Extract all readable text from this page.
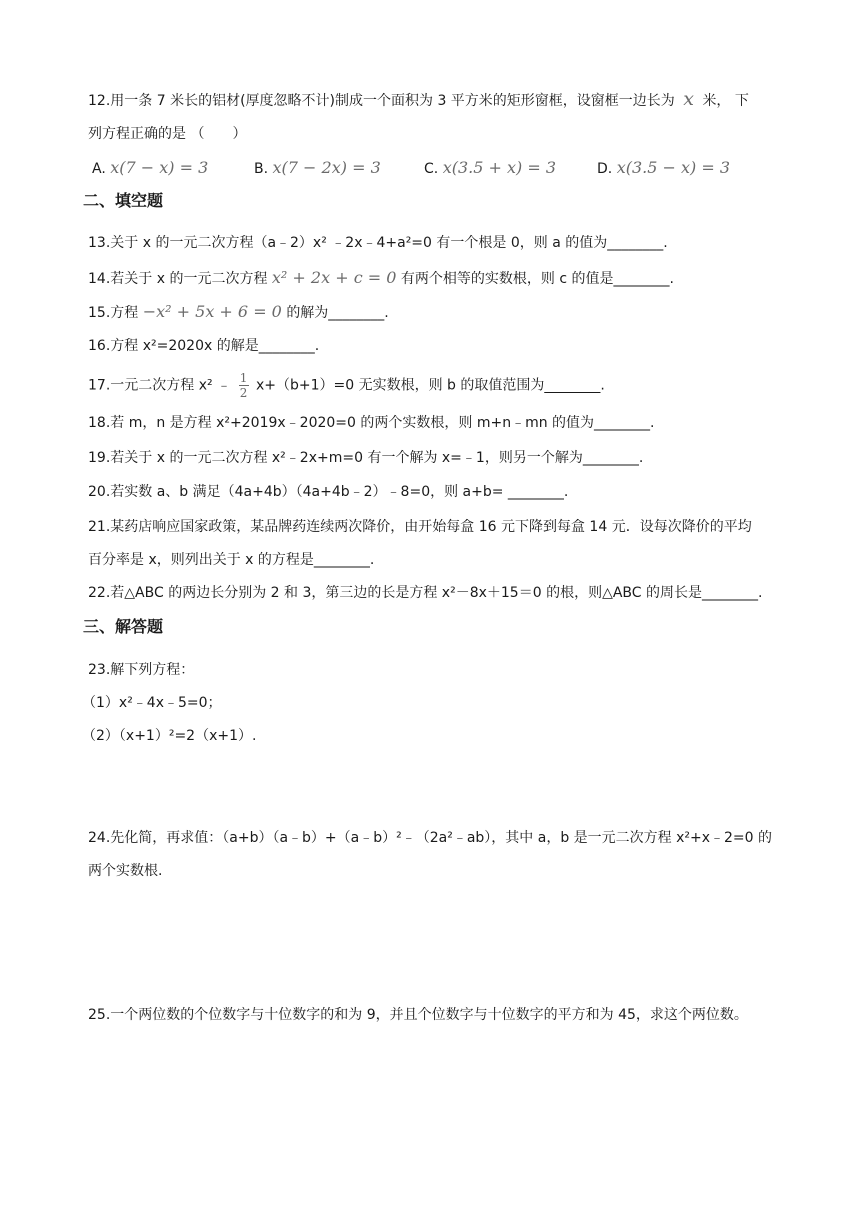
12.用一条 7 米长的铝材(厚度忽略不计)制成一个面积为 3 平方米的矩形窗框，设窗框一边长为 x 米， 下
列方程正确的是 （　　）
A. x(7 − x) = 3	B. x(7 − 2x) = 3	C. x(3.5 + x) = 3	D. x(3.5 − x) = 3
二、填空题
13.关于 x 的一元二次方程（a﹣2）x² ﹣2x﹣4+a²=0 有一个根是 0，则 a 的值为________.
14.若关于 x 的一元二次方程 x² + 2x + c = 0 有两个相等的实数根，则 c 的值是________.
15.方程 −x² + 5x + 6 = 0 的解为________.
16.方程 x²=2020x 的解是________.
17.一元二次方程 x² ﹣ $\frac{1}{2} x+(b+1)=0$ 无实数根，则 b 的取值范围为________.
18.若 m，n 是方程 x²+2019x﹣2020=0 的两个实数根，则 m+n﹣mn 的值为________.
19.若关于 x 的一元二次方程 x²﹣2x+m=0 有一个解为 x=﹣1，则另一个解为________.
20.若实数 a、b 满足（4a+4b）（4a+4b﹣2）﹣8=0，则 a+b= ________.
21.某药店响应国家政策，某品牌药连续两次降价，由开始每盒 16 元下降到每盒 14 元．设每次降价的平均
百分率是 x，则列出关于 x 的方程是________.
22.若△ABC 的两边长分别为 2 和 3，第三边的长是方程 x²－8x＋15＝0 的根，则△ABC 的周长是________.
三、解答题
23.解下列方程：
（1）x²﹣4x﹣5=0；
（2）（x+1）²=2（x+1）.
24.先化简，再求值：（a+b）（a﹣b）+（a﹣b）²﹣（2a²﹣ab），其中 a，b 是一元二次方程 x²+x﹣2=0 的
两个实数根.
25.一个两位数的个位数字与十位数字的和为 9，并且个位数字与十位数字的平方和为 45，求这个两位数。
